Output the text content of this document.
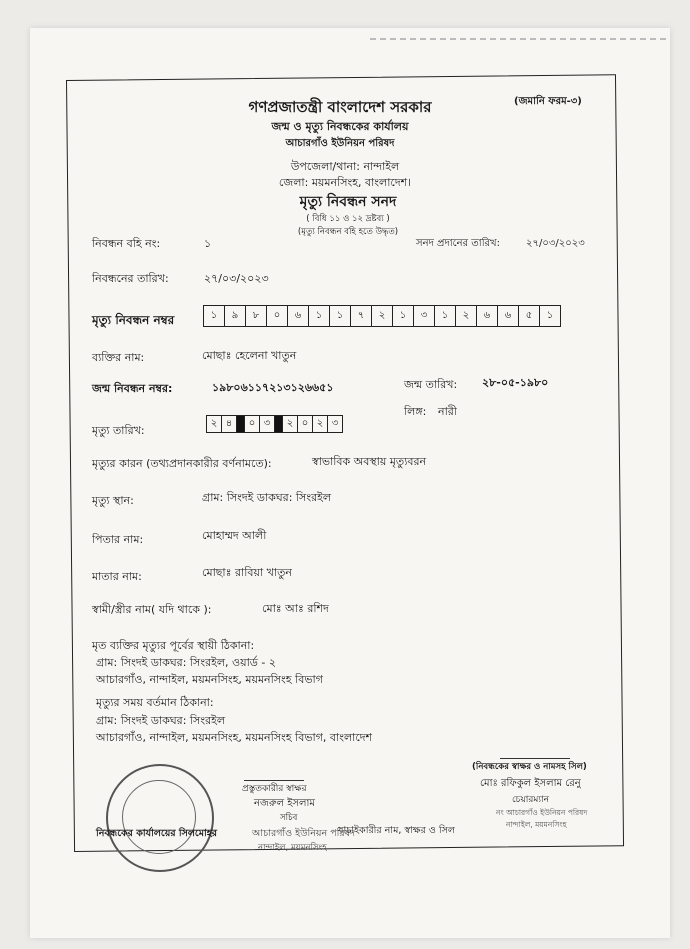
গণপ্রজাতন্ত্রী বাংলাদেশ সরকার	(জমানি ফরম-৩)
জন্ম ও মৃত্যু নিবন্ধকের কার্যালয়
আচারগাঁও ইউনিয়ন পরিষদ
উপজেলা/থানা: নান্দাইল
জেলা: ময়মনসিংহ, বাংলাদেশ।
মৃত্যু নিবন্ধন সনদ
( বিধি ১১ ও ১২ দ্রষ্টব্য )
(মৃত্যু নিবন্ধন বহি হতে উদ্ধৃত)
নিবন্ধন বহি নং:	১	সনদ প্রদানের তারিখ:	২৭/০৩/২০২৩
নিবন্ধনের তারিখ:	২৭/০৩/২০২৩
মৃত্যু নিবন্ধন নম্বর	১	৯	৮	০	৬	১	১	৭	২	১	৩	১	২	৬	৬	৫	১
ব্যক্তির নাম:	মোছাঃ হেলেনা খাতুন
জন্ম নিবন্ধন নম্বর:	১৯৮০৬১১৭২১৩১২৬৬৫১	জন্ম তারিখ: ২৮-০৫-১৯৮০
লিঙ্গ: নারী
মৃত্যু তারিখ:
২ ৪	০ ৩	২ ০ ২ ৩
মৃত্যুর কারন (তথ্যপ্রদানকারীর বর্ণনামতে):	স্বাভাবিক অবস্থায় মৃত্যুবরন
মৃত্যু স্থান:	গ্রাম: সিংদই ডাকঘর: সিংরইল
পিতার নাম:	মোহাম্মদ আলী
মাতার নাম:	মোছাঃ রাবিয়া খাতুন
স্বামী/স্ত্রীর নাম( যদি থাকে ):	মোঃ আঃ রশিদ
মৃত ব্যক্তির মৃত্যুর পূর্বের স্থায়ী ঠিকানা:
গ্রাম: সিংদই ডাকঘর: সিংরইল, ওয়ার্ড - ২
আচারগাঁও, নান্দাইল, ময়মনসিংহ, ময়মনসিংহ বিভাগ
মৃত্যুর সময় বর্তমান ঠিকানা:
গ্রাম: সিংদই ডাকঘর: সিংরইল
আচারগাঁও, নান্দাইল, ময়মনসিংহ, ময়মনসিংহ বিভাগ, বাংলাদেশ
(নিবন্ধকের স্বাক্ষর ও নামসহ সিল)
মোঃ রফিকুল ইসলাম রেনু
চেয়ারম্যান
নং আচারগাঁও ইউনিয়ন পরিষদ
নান্দাইল, ময়মনসিংহ
প্রস্তুতকারীর স্বাক্ষর
নজরুল ইসলাম
সচিব
নিবন্ধকের কার্যালয়ের সিলমোহর	আচারগাঁও ইউনিয়ন পরিষদ
নান্দাইল, ময়মনসিংহ
যাচাইকারীর নাম, স্বাক্ষর ও সিল
